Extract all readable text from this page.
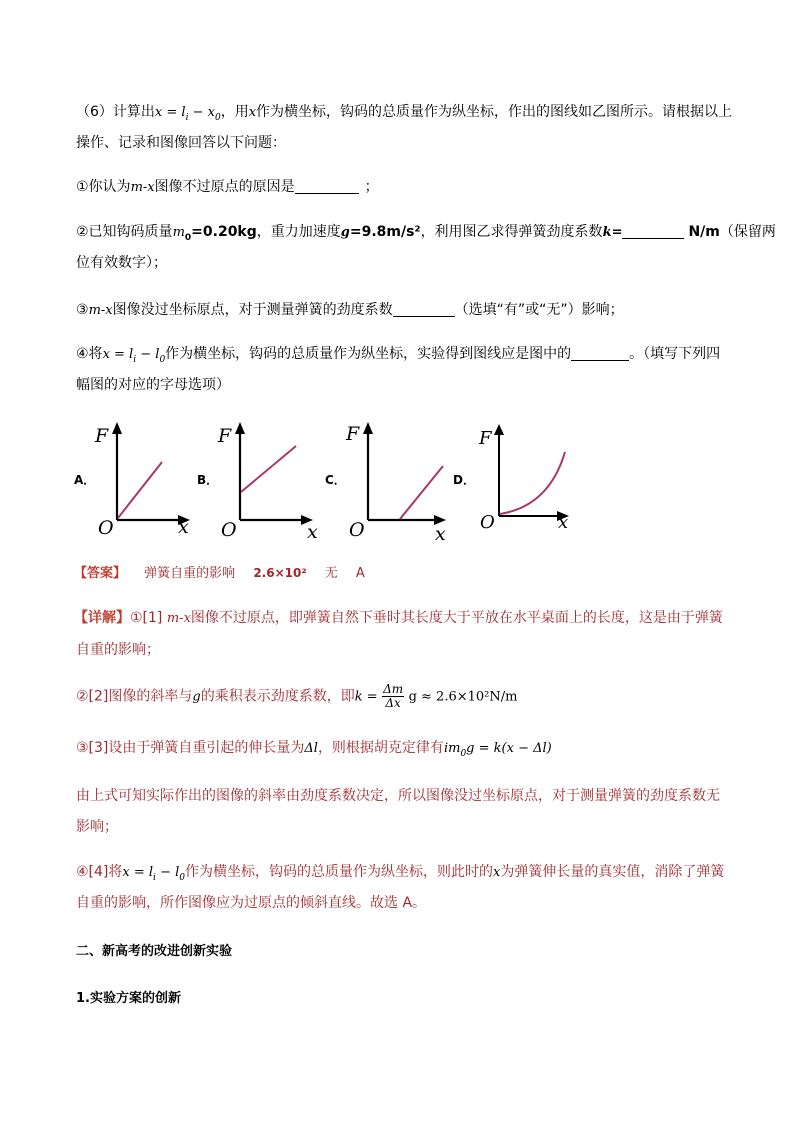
（6）计算出$x = l_i - x_0$，用x作为横坐标，钩码的总质量作为纵坐标，作出的图线如乙图所示。请根据以上
操作、记录和图像回答以下问题：
①你认为m-x图像不过原点的原因是	；
②已知钩码质量$m_0=0.20kg$，重力加速度g=9.8m/s²，利用图乙求得弹簧劲度系数k=	N/m（保留两
位有效数字）；
③m-x图像没过坐标原点，对于测量弹簧的劲度系数	（选填“有”或“无”）影响；
④将$x = l_i - l_0$作为横坐标，钩码的总质量作为纵坐标，实验得到图线应是图中的	。（填写下列四
幅图的对应的字母选项）
A．
F
O	x
B．
F
O	x
C．
F
O	x
D．
F
O	x
【答案】 弹簧自重的影响 2.6×10² 无 A
【详解】①[1] m-x图像不过原点，即弹簧自然下垂时其长度大于平放在水平桌面上的长度，这是由于弹簧
自重的影响；
②[2]图像的斜率与g的乘积表示劲度系数，即$k = \frac{\Delta m}{\Delta x}$ g ≈ 2.6×10²N/m
③[3]设由于弹簧自重引起的伸长量为Δl，则根据胡克定律有$im_0g = k(x - \Delta l)$
由上式可知实际作出的图像的斜率由劲度系数决定，所以图像没过坐标原点，对于测量弹簧的劲度系数无
影响；
④[4]将$x = l_i - l_0$作为横坐标，钩码的总质量作为纵坐标，则此时的x为弹簧伸长量的真实值，消除了弹簧
自重的影响，所作图像应为过原点的倾斜直线。故选 A。
二、新高考的改进创新实验
1.实验方案的创新
